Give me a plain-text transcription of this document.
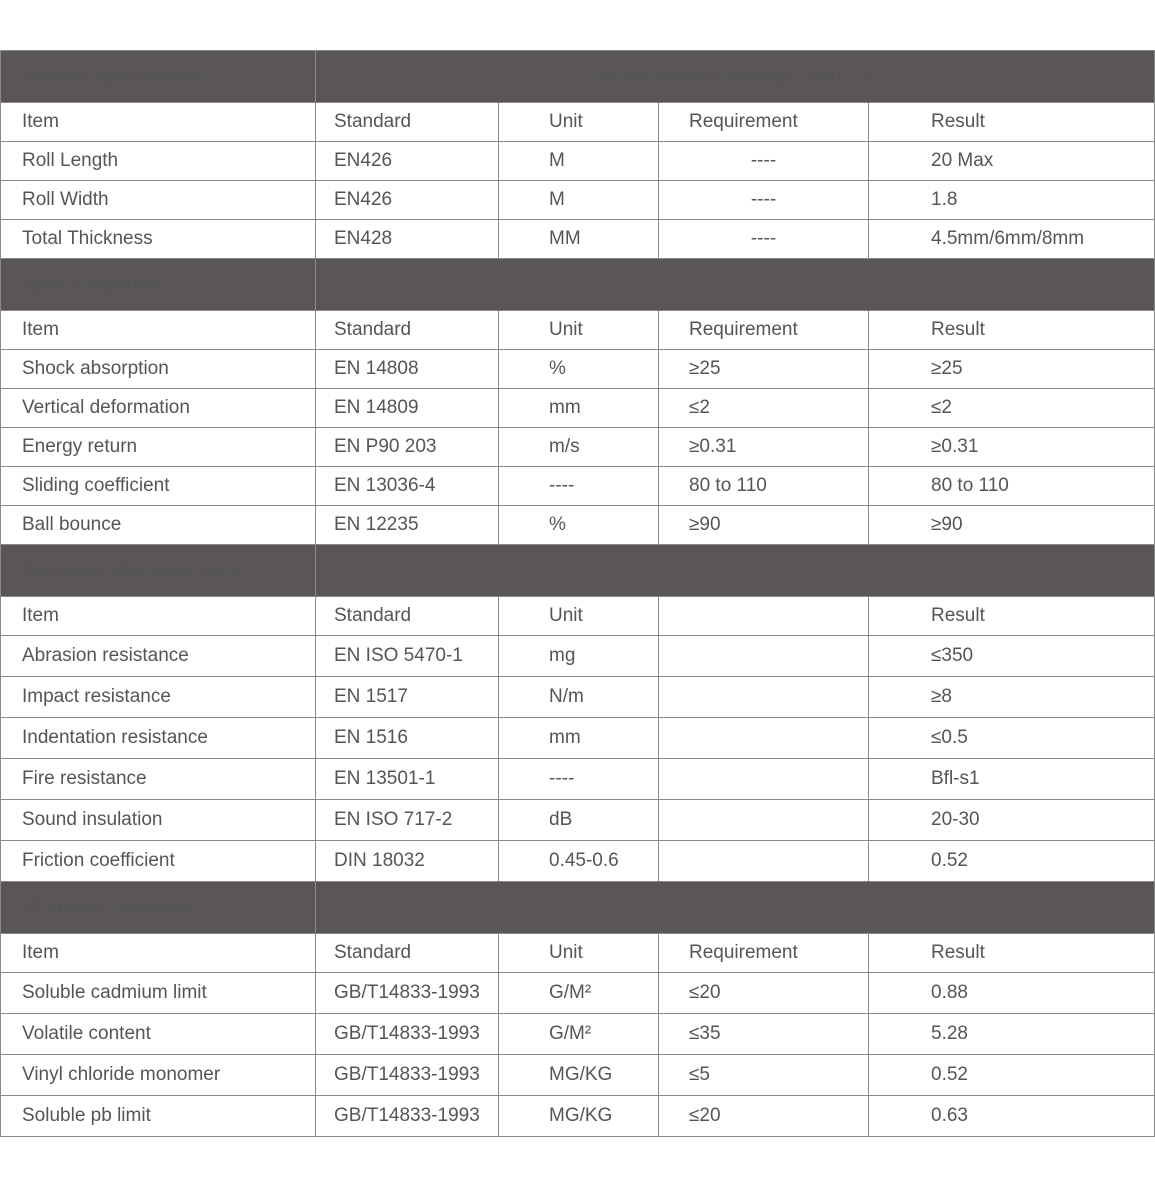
Product Specification	Multipurpose Flooring-FOREST			
Item	Standard	Unit	Requirement	Result
Roll Length	EN426	M	----	20 Max
Roll Width	EN426	M	----	1.8
Total Thickness	EN428	MM	----	4.5mm/6mm/8mm
Sport Properties				
Item	Standard	Unit	Requirement	Result
Shock absorption	EN 14808	%	≥25	≥25
Vertical deformation	EN 14809	mm	≤2	≤2
Energy return	EN P90 203	m/s	≥0.31	≥0.31
Sliding coefficient	EN 13036-4	----	80 to 110	80 to 110
Ball bounce	EN 12235	%	≥90	≥90
Technical Characteristics				
Item	Standard	Unit		Result
Abrasion resistance	EN ISO 5470-1	mg		≤350
Impact resistance	EN 1517	N/m		≥8
Indentation resistance	EN 1516	mm		≤0.5
Fire resistance	EN 13501-1	----		Bfl-s1
Sound insulation	EN ISO 717-2	dB		20-30
Friction coefficient	DIN 18032	0.45-0.6		0.52
Chemical Detection				
Item	Standard	Unit	Requirement	Result
Soluble cadmium limit	GB/T14833-1993	G/M²	≤20	0.88
Volatile content	GB/T14833-1993	G/M²	≤35	5.28
Vinyl chloride monomer	GB/T14833-1993	MG/KG	≤5	0.52
Soluble pb limit	GB/T14833-1993	MG/KG	≤20	0.63
